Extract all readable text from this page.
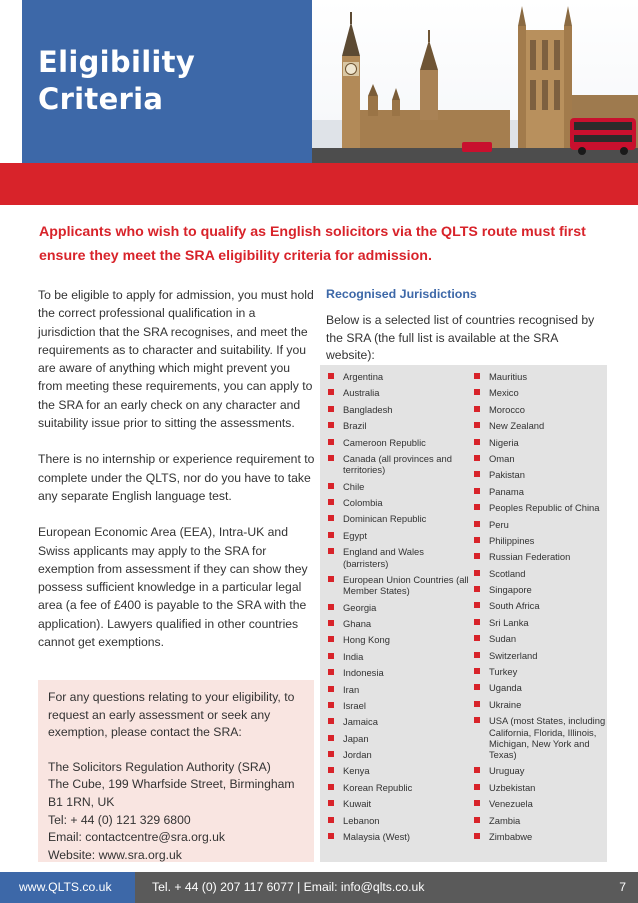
Eligibility
Criteria

Applicants who wish to qualify as English solicitors via the QLTS route must first ensure they meet the SRA eligibility criteria for admission.

To be eligible to apply for admission, you must hold the correct professional qualification in a jurisdiction that the SRA recognises, and meet the requirements as to character and suitability. If you are aware of anything which might prevent you from meeting these requirements, you can apply to the SRA for an early check on any character and suitability issue prior to sitting the assessments.

There is no internship or experience requirement to complete under the QLTS, nor do you have to take any separate English language test.

European Economic Area (EEA), Intra-UK and Swiss applicants may apply to the SRA for exemption from assessment if they can show they possess sufficient knowledge in a particular legal area (a fee of £400 is payable to the SRA with the application). Lawyers qualified in other countries cannot get exemptions.

For any questions relating to your eligibility, to request an early assessment or seek any exemption, please contact the SRA:
The Solicitors Regulation Authority (SRA)
The Cube, 199 Wharfside Street, Birmingham
B1 1RN, UK
Tel: + 44 (0) 121 329 6800
Email: contactcentre@sra.org.uk
Website: www.sra.org.uk
Recognised Jurisdictions

Below is a selected list of countries recognised by the SRA (the full list is available at the SRA website):

Argentina
Australia
Bangladesh
Brazil
Cameroon Republic
Canada (all provinces and territories)
Chile
Colombia
Dominican Republic
Egypt
England and Wales (barristers)
European Union Countries (all Member States)
Georgia
Ghana
Hong Kong
India
Indonesia
Iran
Israel
Jamaica
Japan
Jordan
Kenya
Korean Republic
Kuwait
Lebanon
Malaysia (West)
Mauritius
Mexico
Morocco
New Zealand
Nigeria
Oman
Pakistan
Panama
Peoples Republic of China
Peru
Philippines
Russian Federation
Scotland
Singapore
South Africa
Sri Lanka
Sudan
Switzerland
Turkey
Uganda
Ukraine
USA (most States, including California, Florida, Illinois, Michigan, New York and Texas)
Uruguay
Uzbekistan
Venezuela
Zambia
Zimbabwe
www.QLTS.co.uk	Tel. + 44 (0) 207 117 6077 | Email: info@qlts.co.uk	7
